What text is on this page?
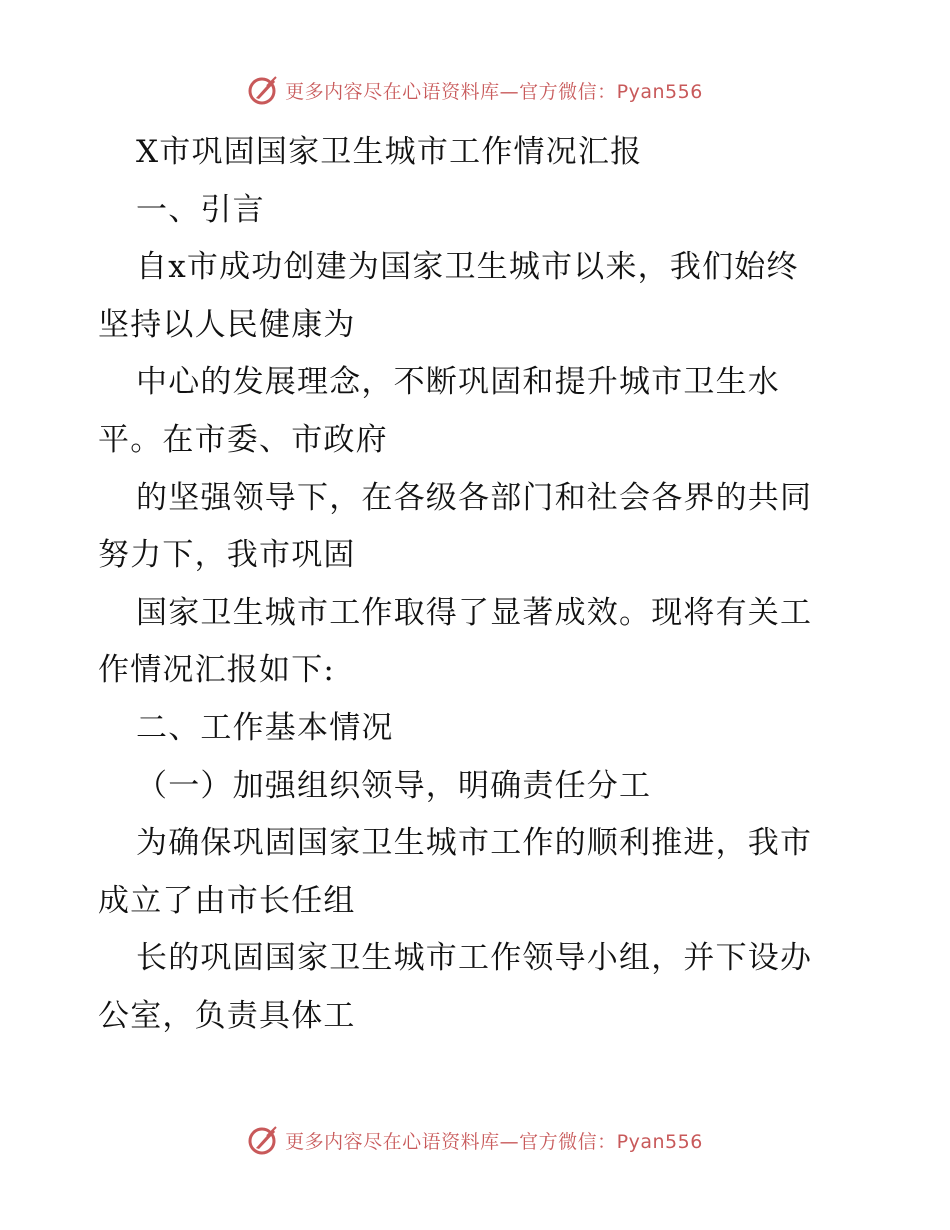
更多内容尽在心语资料库—官方微信：Pyan556
X市巩固国家卫生城市工作情况汇报
一、引言
自x市成功创建为国家卫生城市以来，我们始终
坚持以人民健康为
中心的发展理念，不断巩固和提升城市卫生水
平。在市委、市政府
的坚强领导下，在各级各部门和社会各界的共同
努力下，我市巩固
国家卫生城市工作取得了显著成效。现将有关工
作情况汇报如下:
二、工作基本情况
（一）加强组织领导，明确责任分工
为确保巩固国家卫生城市工作的顺利推进，我市
成立了由市长任组
长的巩固国家卫生城市工作领导小组，并下设办
公室，负责具体工
更多内容尽在心语资料库—官方微信：Pyan556
